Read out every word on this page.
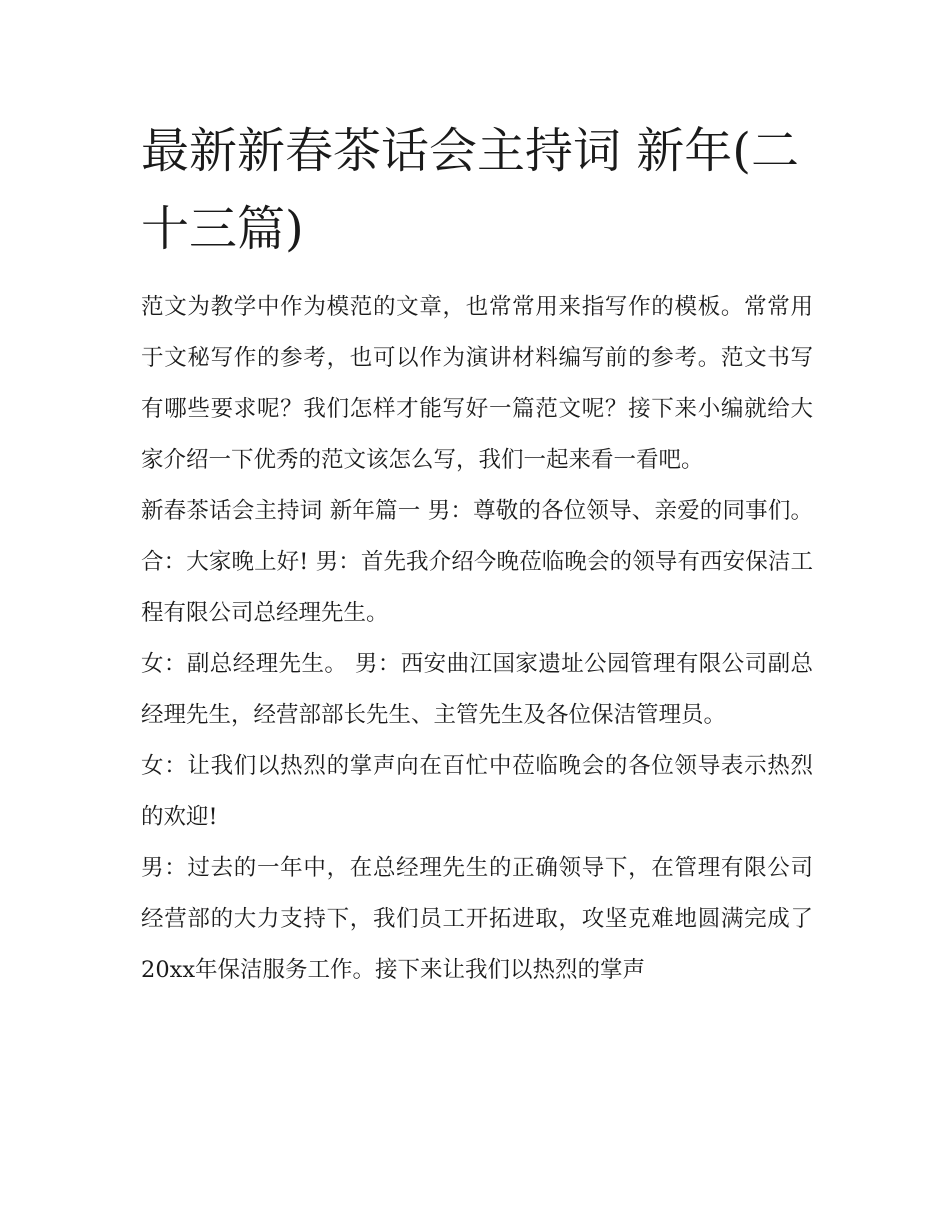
最新新春茶话会主持词 新年(二十三篇)

范文为教学中作为模范的文章，也常常用来指写作的模板。常常用于文秘写作的参考，也可以作为演讲材料编写前的参考。范文书写有哪些要求呢？我们怎样才能写好一篇范文呢？接下来小编就给大家介绍一下优秀的范文该怎么写，我们一起来看一看吧。

新春茶话会主持词 新年篇一 男：尊敬的各位领导、亲爱的同事们。 合：大家晚上好! 男：首先我介绍今晚莅临晚会的领导有西安保洁工程有限公司总经理先生。

女：副总经理先生。 男：西安曲江国家遗址公园管理有限公司副总经理先生，经营部部长先生、主管先生及各位保洁管理员。

女：让我们以热烈的掌声向在百忙中莅临晚会的各位领导表示热烈的欢迎!

男：过去的一年中，在总经理先生的正确领导下，在管理有限公司经营部的大力支持下，我们员工开拓进取，攻坚克难地圆满完成了20xx年保洁服务工作。接下来让我们以热烈的掌声
